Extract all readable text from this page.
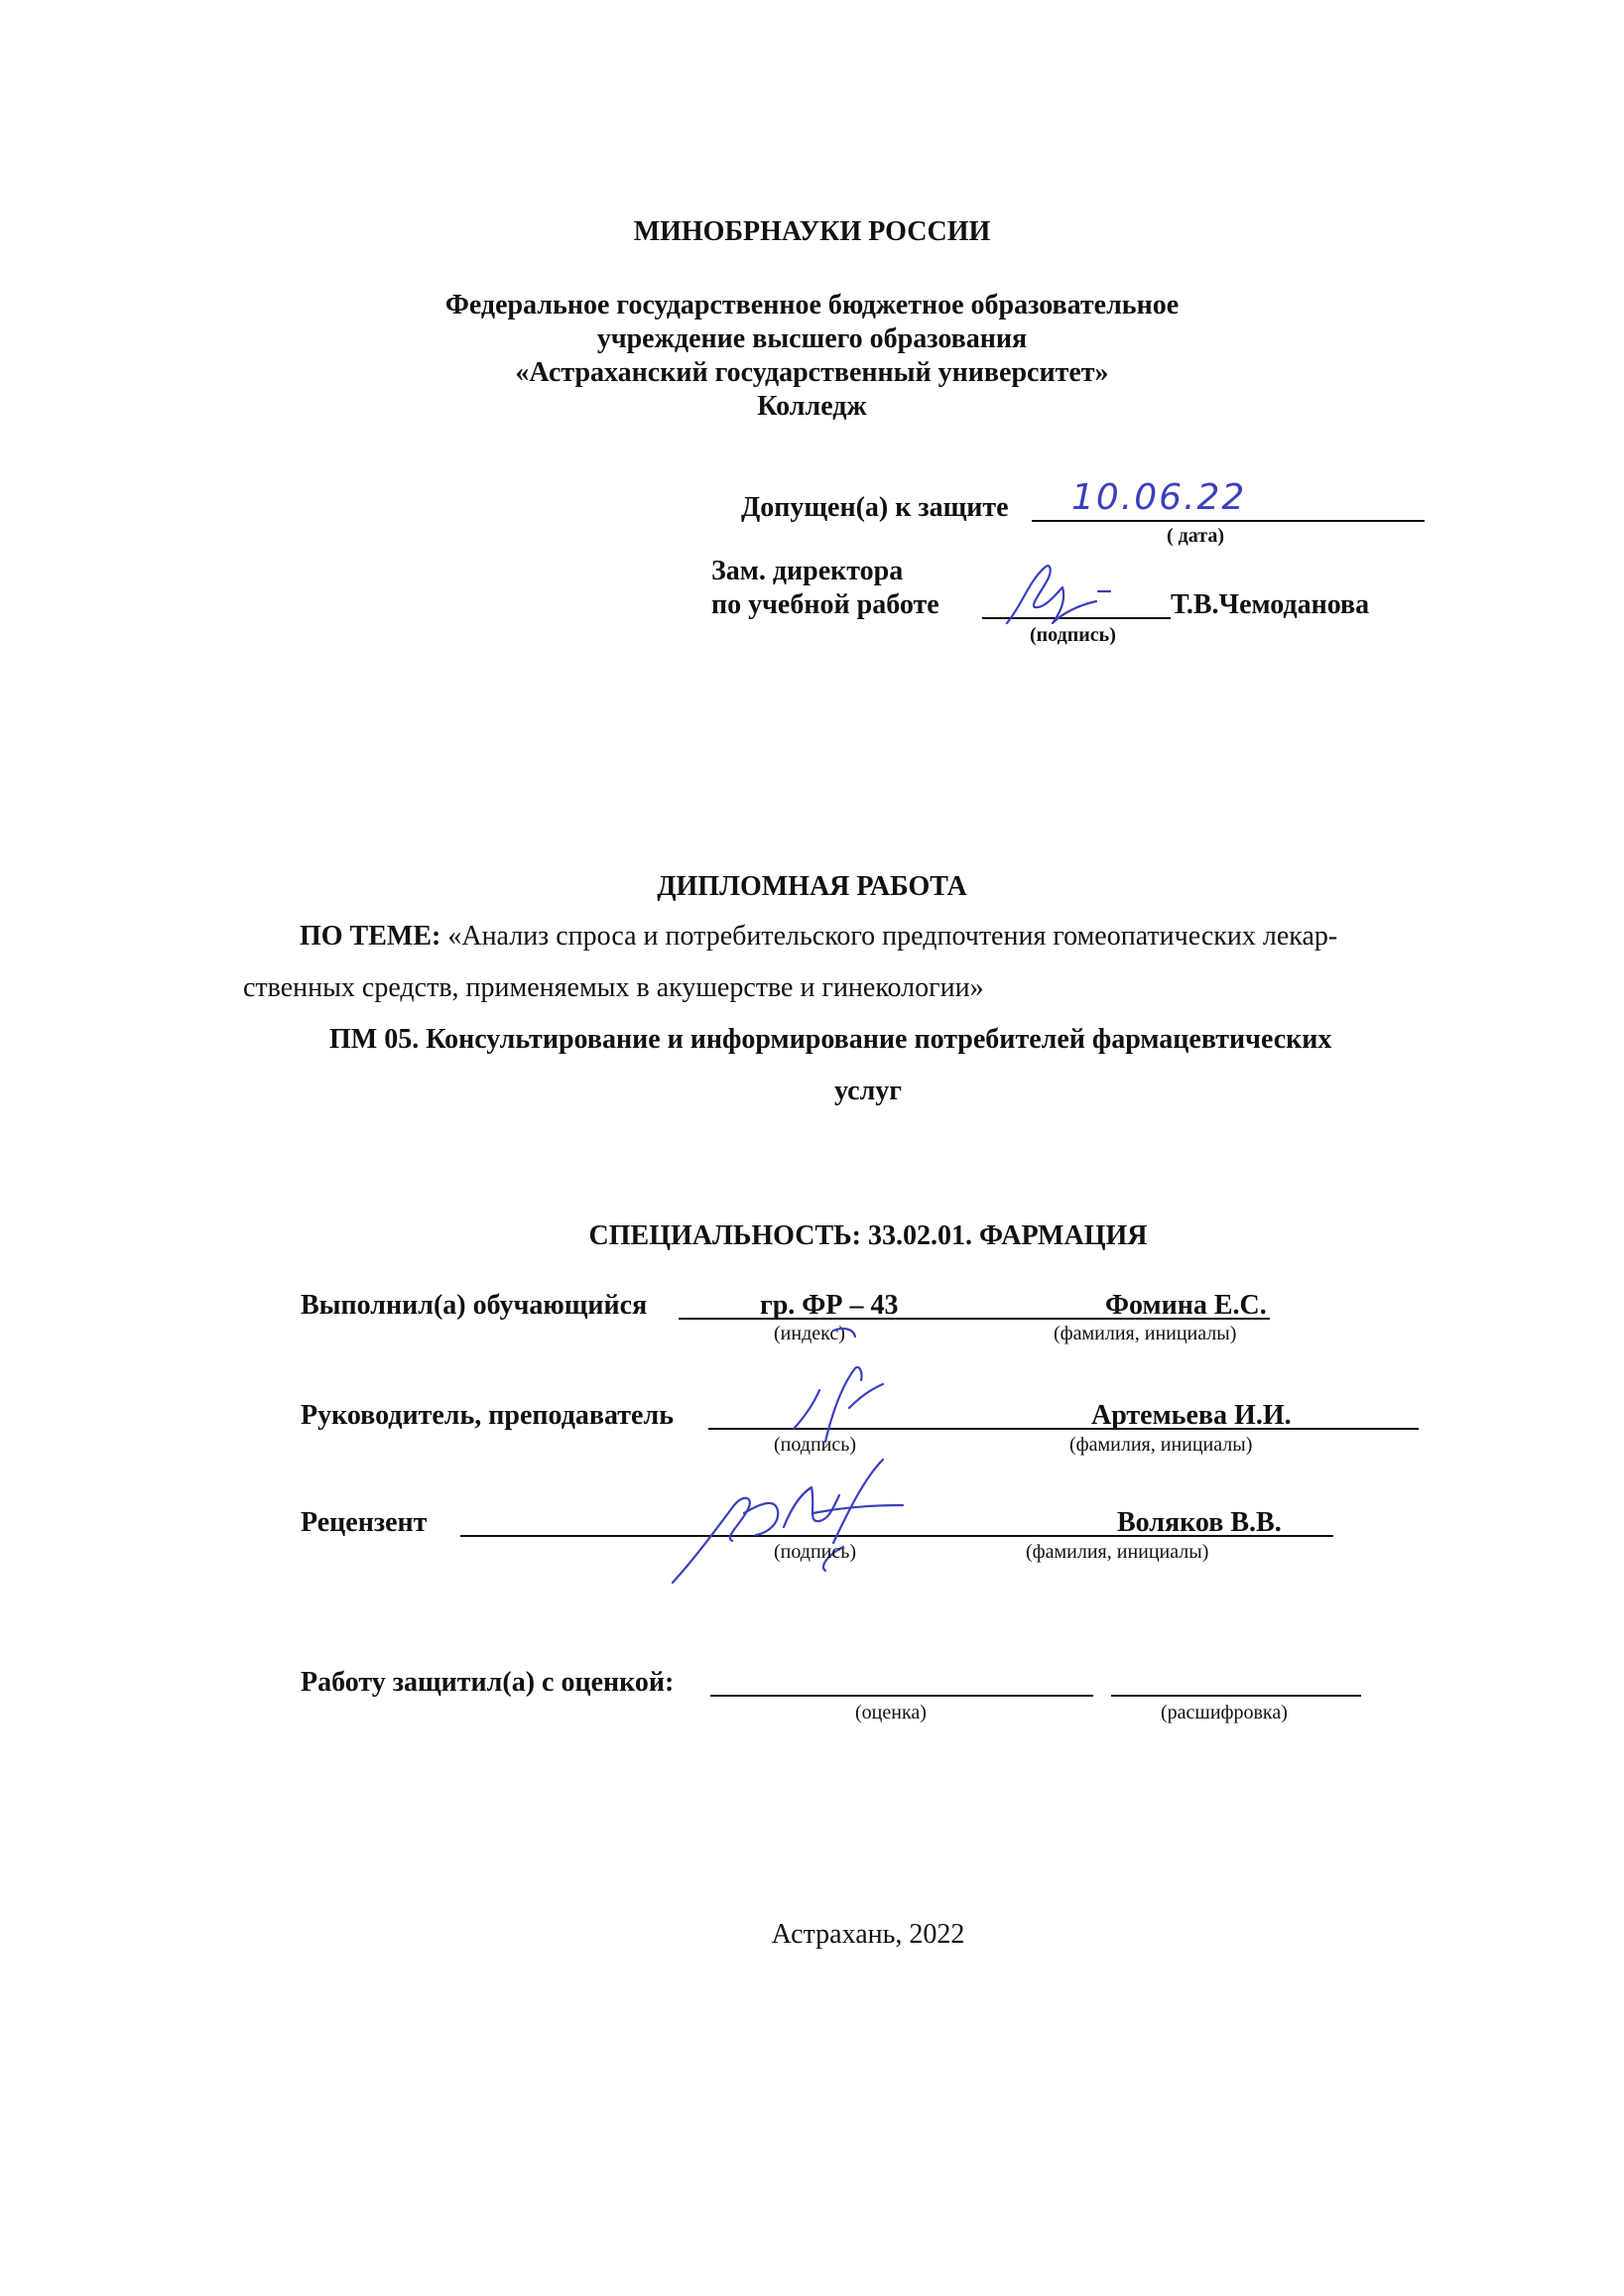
МИНОБРНАУКИ РОССИИ
Федеральное государственное бюджетное образовательное
учреждение высшего образования
«Астраханский государственный университет»
Колледж
Допущен(а) к защите 10.06.22
( дата)
Зам. директора
по учебной работе	Т.В.Чемоданова
(подпись)
ДИПЛОМНАЯ РАБОТА
ПО ТЕМЕ: «Анализ спроса и потребительского предпочтения гомеопатических лекар-
ственных средств, применяемых в акушерстве и гинекологии»
ПМ 05. Консультирование и информирование потребителей фармацевтических
услуг
СПЕЦИАЛЬНОСТЬ: 33.02.01. ФАРМАЦИЯ
Выполнил(а) обучающийся	гр. ФР – 43	Фомина Е.С.
(индекс)	(фамилия, инициалы)
Руководитель, преподаватель	Артемьева И.И.
(подпись)	(фамилия, инициалы)
Рецензент	Воляков В.В.
(подпись)	(фамилия, инициалы)
Работу защитил(а) с оценкой:
(оценка)	(расшифровка)
Астрахань, 2022
